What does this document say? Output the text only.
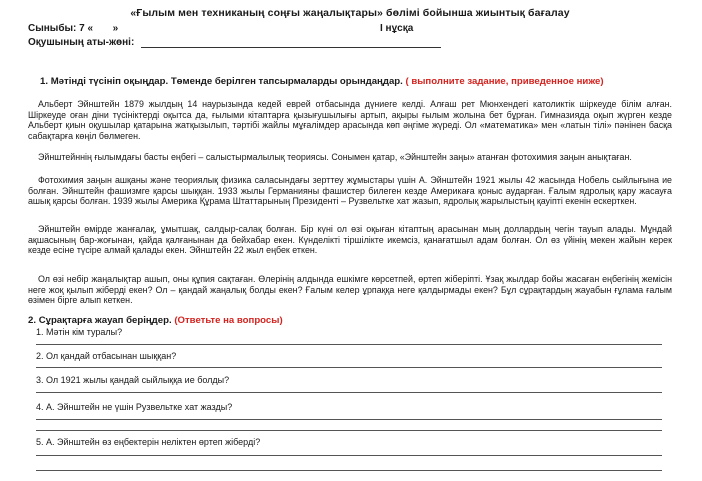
«Ғылым мен техниканың соңғы жаңалықтары» бөлімі бойынша жиынтық бағалау
Сыныбы: 7 « »	І нұсқа
Оқушының аты-жөні:
1. Мәтінді түсініп оқыңдар. Төменде берілген тапсырмаларды орындаңдар. ( выполните задание, приведенное ниже)
Альберт Эйнштейн 1879 жылдың 14 наурызында кедей еврей отбасында дүниеге келді. Алғаш рет Мюнхендегі католиктік шіркеуде білім алған. Шіркеуде оған діни түсініктерді оқытса да, ғылыми кітаптарға қызығушылығы артып, ақыры ғылым жолына бет бұрған. Гимназияда оқып жүрген кезде Альберт қиын оқушылар қатарына жатқызылып, тәртібі жайлы мұғалімдер арасында көп әңгіме жүреді. Ол «математика» мен «латын тілі» пәнінен басқа сабақтарға көңіл бөлмеген.
Эйнштейннің ғылымдағы басты еңбегі – салыстырмалылық теориясы. Сонымен қатар, «Эйнштейн заңы» атанған фотохимия заңын анықтаған.
Фотохимия заңын ашқаны және теориялық физика саласындағы зерттеу жұмыстары үшін А. Эйнштейн 1921 жылы 42 жасында Нобель сыйлығына ие болған. Эйнштейн фашизмге қарсы шыққан. 1933 жылы Германияны фашистер билеген кезде Америкаға қоныс аударған. Ғалым ядролық қару жасауға ашық қарсы болған. 1939 жылы Америка Құрама Штаттарының Президенті – Рузвельтке хат жазып, ядролық жарылыстың қауіпті екенін ескерткен.
Эйнштейн өмірде жанғалақ, ұмытшақ, салдыр-салақ болған. Бір күні ол өзі оқыған кітаптың арасынан мың доллардың чегін тауып алады. Мұндай ақшасының бар-жоғынан, қайда қалғанынан да бейхабар екен. Күнделікті тіршілікте икемсіз, қанағатшыл адам болған. Ол өз үйінің мекен жайын керек кезде есіне түсіре алмай қалады екен. Эйнштейн 22 жыл еңбек еткен.
Ол өзі небір жаңалықтар ашып, оны құпия сақтаған. Өлерінің алдында ешкімге көрсетпей, өртеп жіберіпті. Ұзақ жылдар бойы жасаған еңбегінің жемісін неге жоқ қылып жіберді екен? Ол – қандай жаңалық болды екен? Ғалым келер ұрпаққа неге қалдырмады екен? Бұл сұрақтардың жауабын ғұлама ғалым өзімен бірге алып кеткен.
2. Сұрақтарға жауап беріңдер. (Ответьте на вопросы)
1. Мәтін кім туралы?
2. Ол қандай отбасынан шыққан?
3. Ол 1921 жылы қандай сыйлыққа ие болды?
4. А. Эйнштейн не үшін Рузвельтке хат жазды?
5. А. Эйнштейн өз еңбектерін неліктен өртеп жіберді?
